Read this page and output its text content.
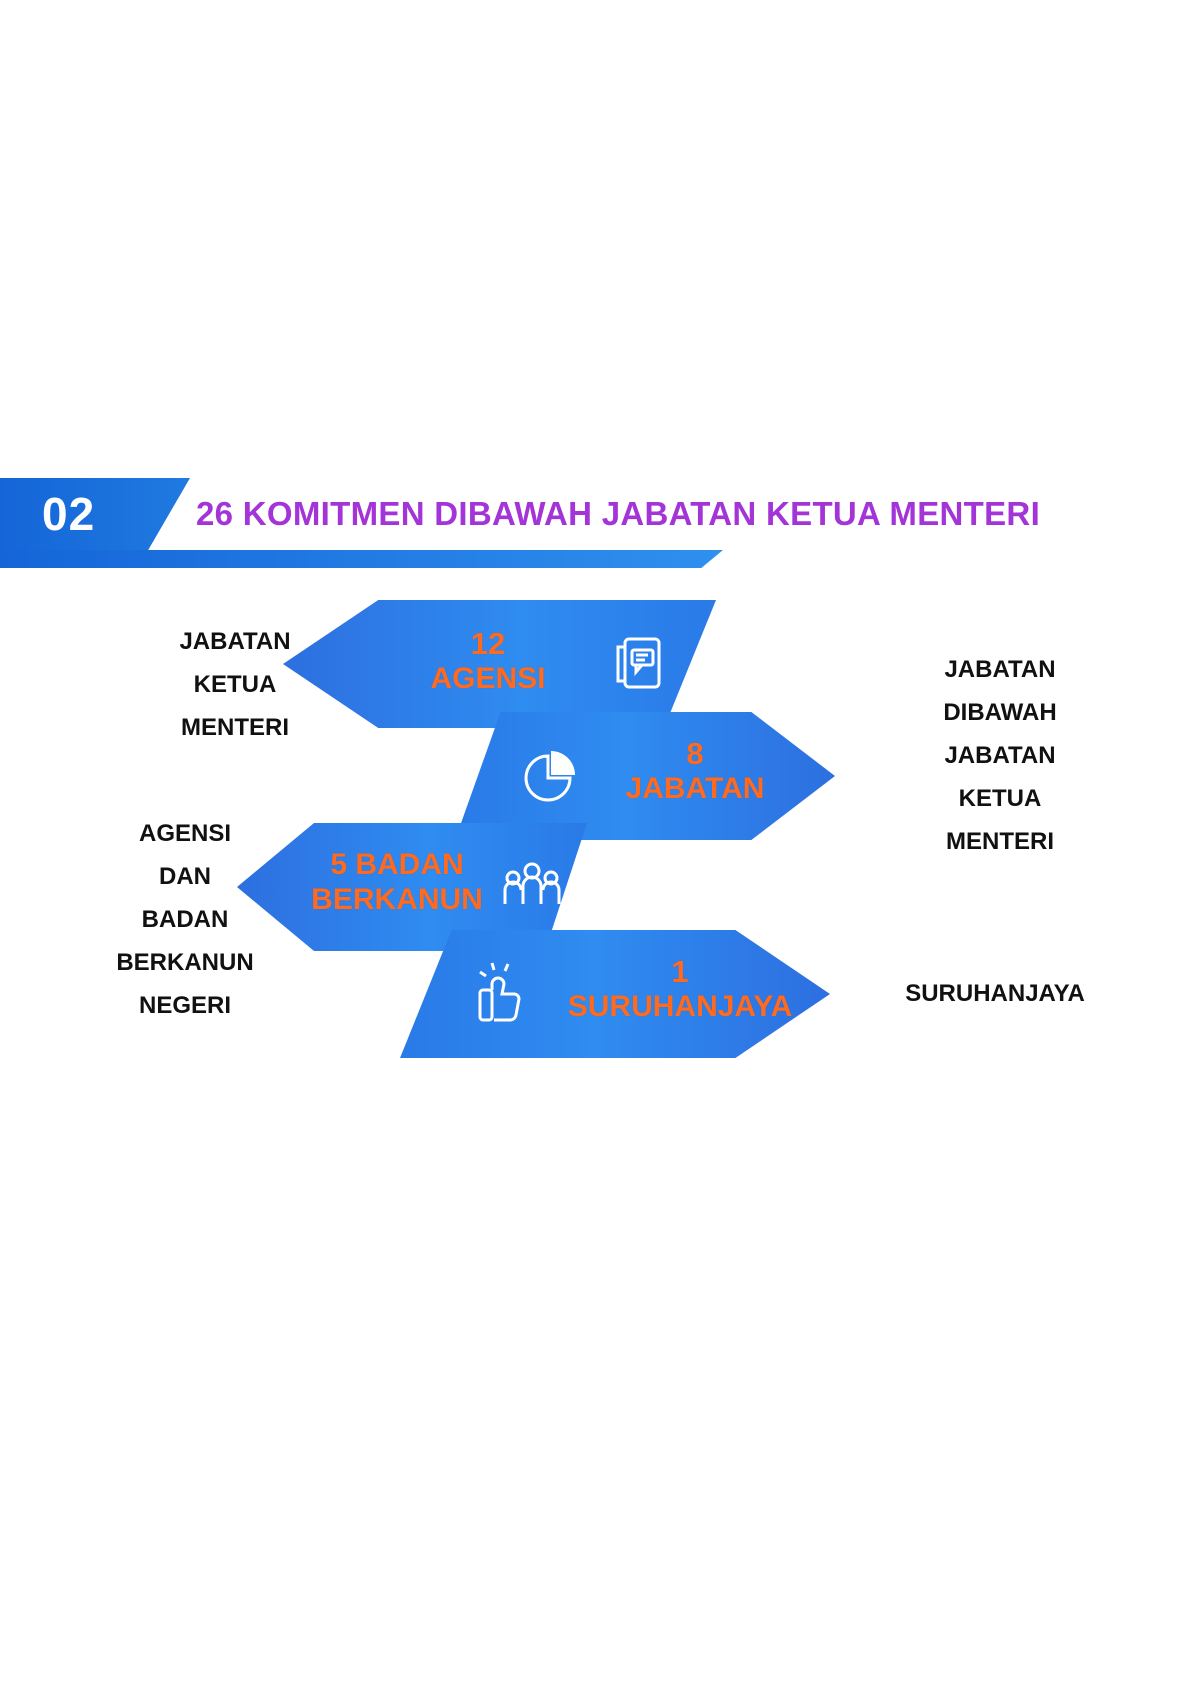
02	26 KOMITMEN DIBAWAH JABATAN KETUA MENTERI
JABATAN
KETUA
MENTERI
AGENSI
DAN
BADAN
BERKANUN
NEGERI
JABATAN
DIBAWAH
JABATAN
KETUA
MENTERI
SURUHANJAYA
12
AGENSI
8
JABATAN
5 BADAN
BERKANUN
1
SURUHANJAYA
